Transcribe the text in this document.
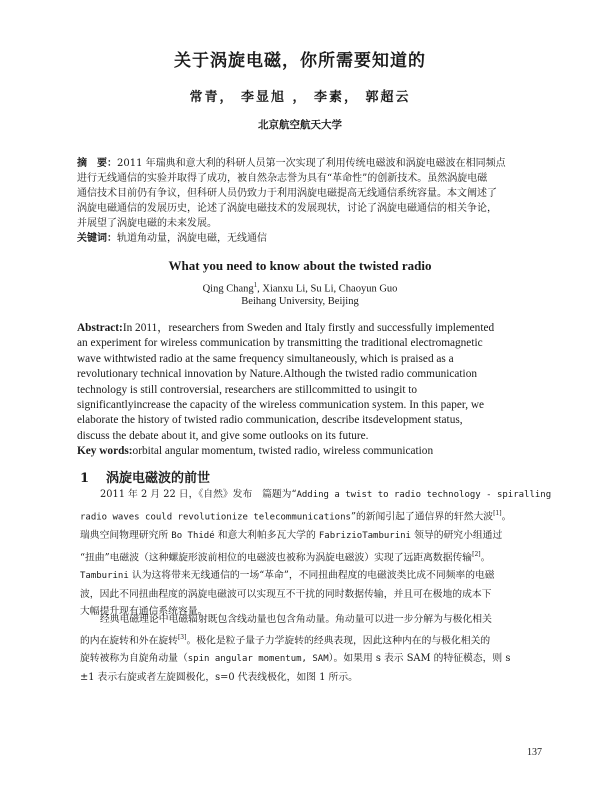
关于涡旋电磁，你所需要知道的
常青， 李显旭 ， 李素， 郭超云
北京航空航天大学
摘　要：2011 年瑞典和意大利的科研人员第一次实现了利用传统电磁波和涡旋电磁波在相同频点
进行无线通信的实验并取得了成功，被自然杂志誉为具有“革命性”的创新技术。虽然涡旋电磁
通信技术目前仍有争议，但科研人员仍致力于利用涡旋电磁提高无线通信系统容量。本文阐述了
涡旋电磁通信的发展历史，论述了涡旋电磁技术的发展现状，讨论了涡旋电磁通信的相关争论，
并展望了涡旋电磁的未来发展。
关键词：轨道角动量，涡旋电磁，无线通信
What you need to know about the twisted radio
Qing Chang$^1$, Xianxu Li, Su Li, Chaoyun Guo
Beihang University, Beijing
Abstract:In 2011，researchers from Sweden and Italy firstly and successfully implemented
an experiment for wireless communication by transmitting the traditional electromagnetic
wave withtwisted radio at the same frequency simultaneously, which is praised as a
revolutionary technical innovation by Nature.Although the twisted radio communication
technology is still controversial, researchers are stillcommitted to usingit to
significantlyincrease the capacity of the wireless communication system. In this paper, we
elaborate the history of twisted radio communication, describe itsdevelopment status,
discuss the debate about it, and give some outlooks on its future.
Key words:orbital angular momentum, twisted radio, wireless communication
1 涡旋电磁波的前世
2011 年 2 月 22 日，《自然》发布　篇题为“Adding a twist to radio technology - spiralling
radio waves could revolutionize telecommunications”的新闻引起了通信界的轩然大波[1]。
瑞典空间物理研究所 Bo Thidé 和意大利帕多瓦大学的 FabrizioTamburini 领导的研究小组通过
“扭曲”电磁波（这种螺旋形波前相位的电磁波也被称为涡旋电磁波）实现了远距离数据传输[2]。
Tamburini 认为这将带来无线通信的一场“革命”，不同扭曲程度的电磁波类比成不同频率的电磁
波，因此不同扭曲程度的涡旋电磁波可以实现互不干扰的同时数据传输，并且可在极地的成本下
大幅提升现有通信系统容量。
经典电磁理论中电磁辐射既包含线动量也包含角动量。角动量可以进一步分解为与极化相关
的内在旋转和外在旋转[3]。极化是粒子量子力学旋转的经典表现，因此这种内在的与极化相关的
旋转被称为自旋角动量（spin angular momentum, SAM）。如果用 s 表示 SAM 的特征模态，则 s
±1 表示右旋或者左旋圆极化，s=0 代表线极化，如图 1 所示。
137
